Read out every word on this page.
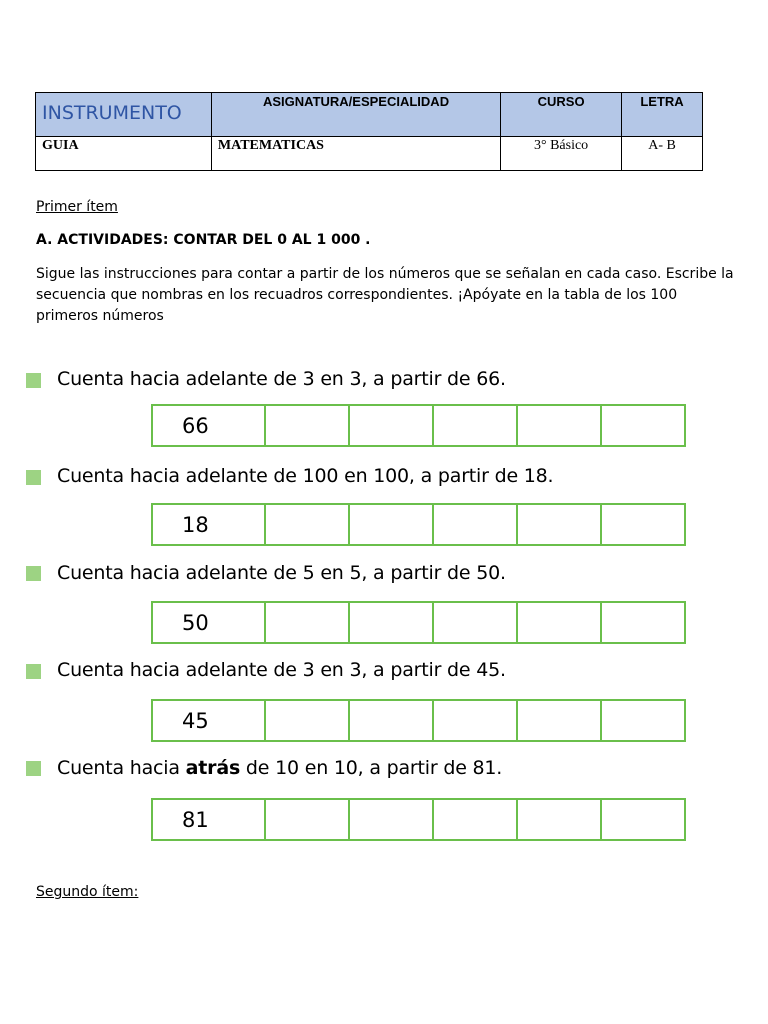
INSTRUMENTO	ASIGNATURA/ESPECIALIDAD	CURSO	LETRA

GUIA	MATEMATICAS	3° Básico	A- B
Primer ítem
A. ACTIVIDADES: CONTAR DEL 0 AL 1 000 .
Sigue las instrucciones para contar a partir de los números que se señalan en cada caso. Escribe la secuencia que nombras en los recuadros correspondientes. ¡Apóyate en la tabla de los 100 primeros números
Cuenta hacia adelante de 3 en 3, a partir de 66.
66
Cuenta hacia adelante de 100 en 100, a partir de 18.
18
Cuenta hacia adelante de 5 en 5, a partir de 50.
50
Cuenta hacia adelante de 3 en 3, a partir de 45.
45
Cuenta hacia atrás de 10 en 10, a partir de 81.
81
Segundo ítem:
